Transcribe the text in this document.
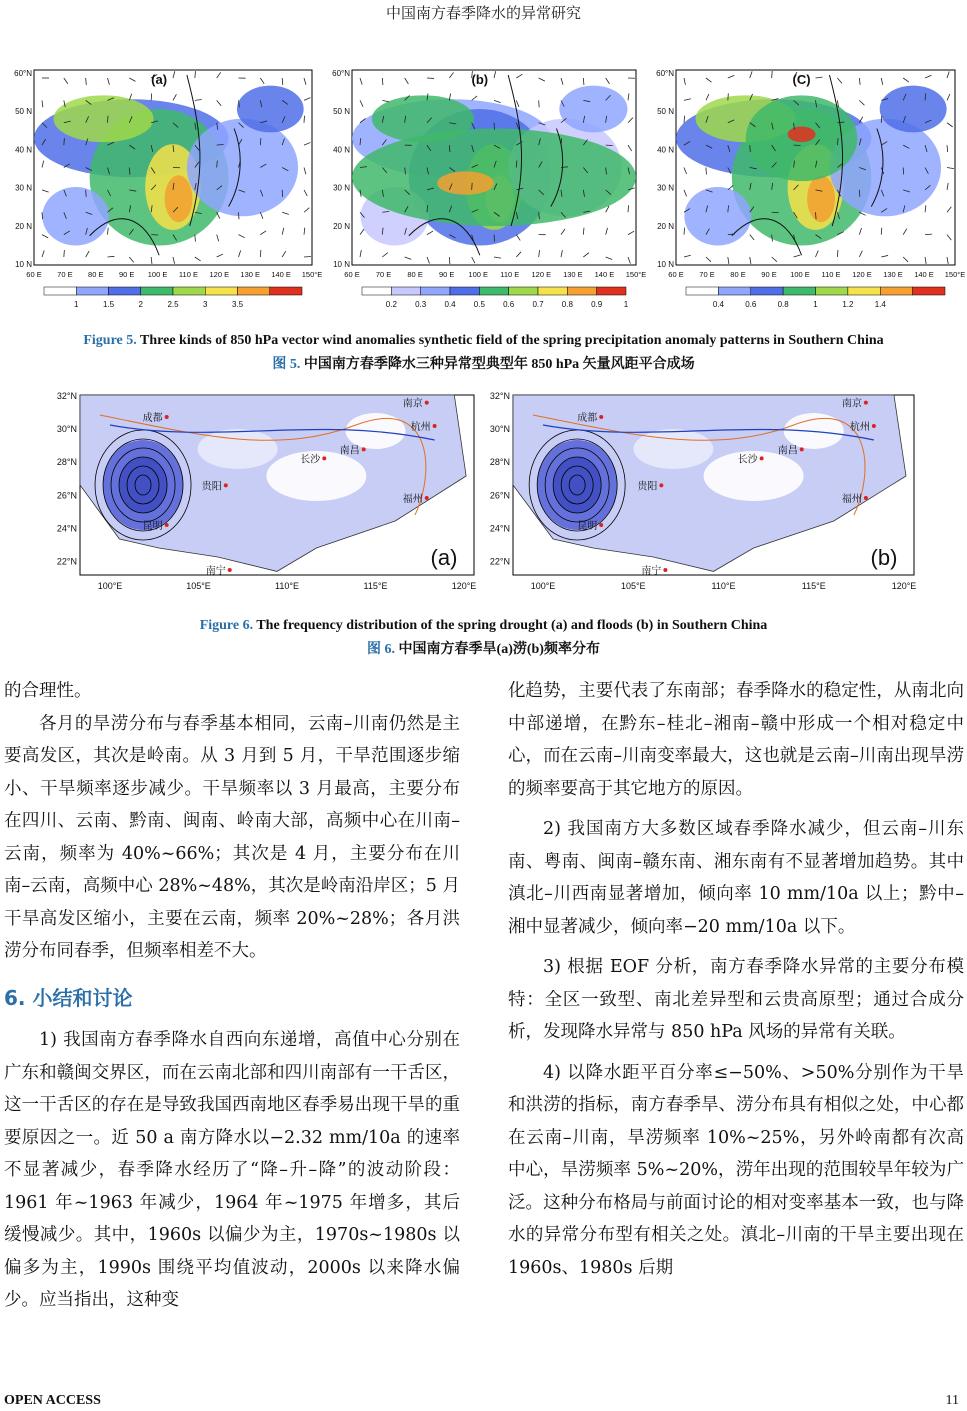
中国南方春季降水的异常研究
(a)
60°N
50 N
40 N
30 N
20 N
10 N
60 E 70 E 80 E 90 E 100 E 110 E 120 E 130 E 140 E 150°E
1	1.5	2	2.5	3	3.5
(b)
60°N
50 N
40 N
30 N
20 N
10 N
60 E 70 E 80 E 90 E 100 E 110 E 120 E 130 E 140 E 150°E
0.2 0.3 0.4 0.5 0.6 0.7 0.8 0.9	1
(C)
60°N
50 N
40 N
30 N
20 N
10 N
60 E 70 E 80 E 90 E 100 E 110 E 120 E 130 E 140 E 150°E
0.4	0.6	0.8	1	1.2	1.4
Figure 5. Three kinds of 850 hPa vector wind anomalies synthetic field of the spring precipitation anomaly patterns in Southern China
图 5. 中国南方春季降水三种异常型典型年 850 hPa 矢量风距平合成场
成都
南京
杭州
长沙
南昌
福州
贵阳
昆明
南宁
32°N
30°N
28°N
26°N
24°N
22°N
100°E	105°E	110°E	115°E	120°E
(a)
成都
南京
杭州
长沙
南昌
福州
贵阳
昆明
南宁
32°N
30°N
28°N
26°N
24°N
22°N
100°E	105°E	110°E	115°E	120°E
(b)
Figure 6. The frequency distribution of the spring drought (a) and floods (b) in Southern China
图 6. 中国南方春季旱(a)涝(b)频率分布

的合理性。

各月的旱涝分布与春季基本相同，云南–川南仍然是主要高发区，其次是岭南。从 3 月到 5 月，干旱范围逐步缩小、干旱频率逐步减少。干旱频率以 3 月最高，主要分布在四川、云南、黔南、闽南、岭南大部，高频中心在川南–云南，频率为 40%~66%；其次是 4 月，主要分布在川南–云南，高频中心 28%~48%，其次是岭南沿岸区；5 月干旱高发区缩小，主要在云南，频率 20%~28%；各月洪涝分布同春季，但频率相差不大。

6. 小结和讨论

1) 我国南方春季降水自西向东递增，高值中心分别在广东和赣闽交界区，而在云南北部和四川南部有一干舌区，这一干舌区的存在是导致我国西南地区春季易出现干旱的重要原因之一。近 50 a 南方降水以−2.32 mm/10a 的速率不显著减少，春季降水经历了“降–升–降”的波动阶段：1961 年~1963 年减少，1964 年~1975 年增多，其后缓慢减少。其中，1960s 以偏少为主，1970s~1980s 以偏多为主，1990s 围绕平均值波动，2000s 以来降水偏少。应当指出，这种变

化趋势，主要代表了东南部；春季降水的稳定性，从南北向中部递增，在黔东–桂北–湘南–赣中形成一个相对稳定中心，而在云南–川南变率最大，这也就是云南–川南出现旱涝的频率要高于其它地方的原因。

2) 我国南方大多数区域春季降水减少，但云南–川东南、粤南、闽南–赣东南、湘东南有不显著增加趋势。其中滇北–川西南显著增加，倾向率 10 mm/10a 以上；黔中–湘中显著减少，倾向率−20 mm/10a 以下。

3) 根据 EOF 分析，南方春季降水异常的主要分布模特：全区一致型、南北差异型和云贵高原型；通过合成分析，发现降水异常与 850 hPa 风场的异常有关联。

4) 以降水距平百分率≤−50%、>50%分别作为干旱和洪涝的指标，南方春季旱、涝分布具有相似之处，中心都在云南–川南，旱涝频率 10%~25%，另外岭南都有次高中心，旱涝频率 5%~20%，涝年出现的范围较旱年较为广泛。这种分布格局与前面讨论的相对变率基本一致，也与降水的异常分布型有相关之处。滇北–川南的干旱主要出现在 1960s、1980s 后期

OPEN ACCESS	11
